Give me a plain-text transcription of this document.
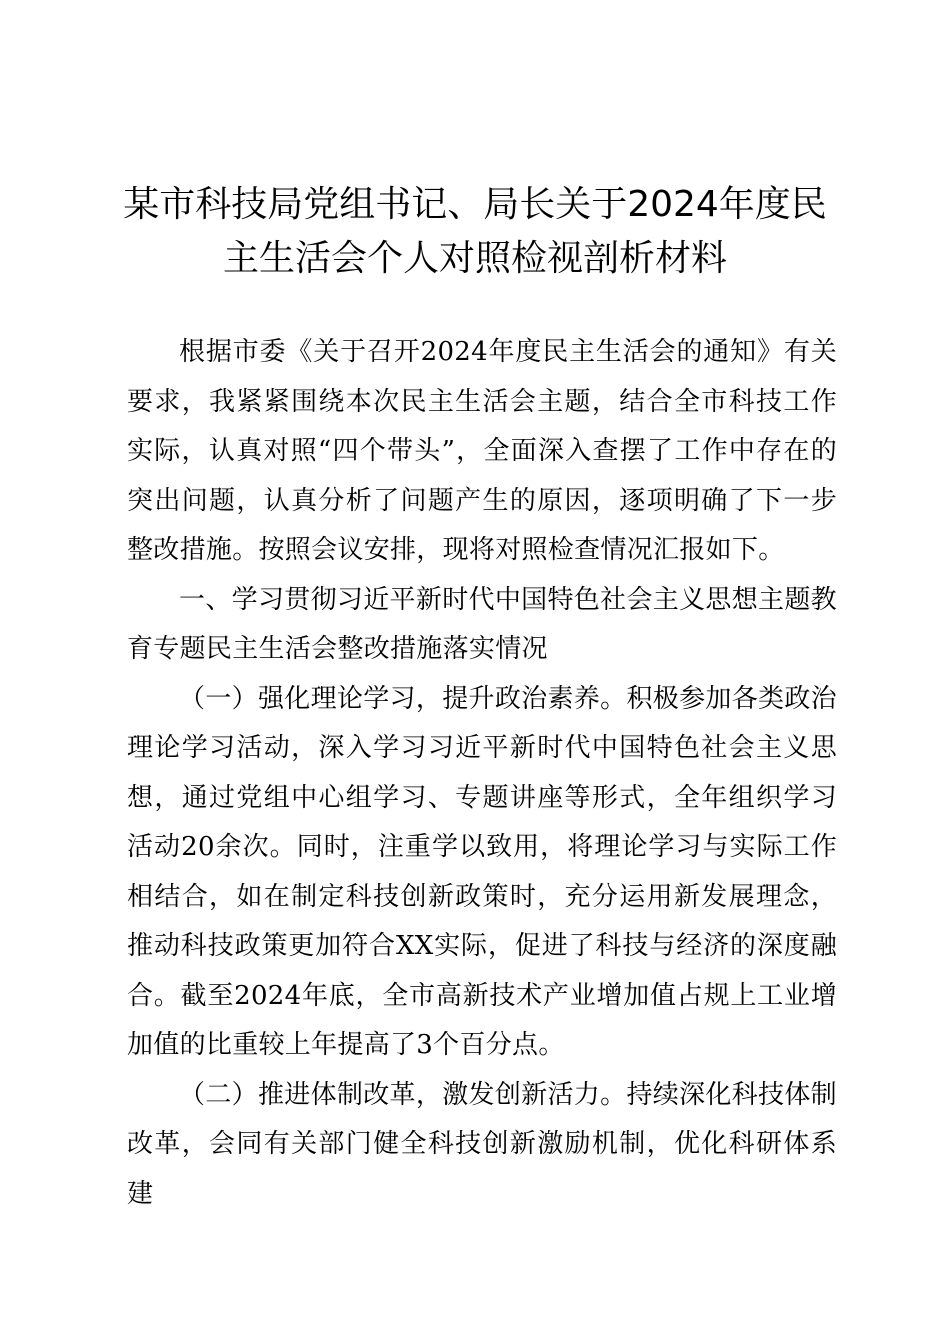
某市科技局党组书记、局长关于2024年度民
主生活会个人对照检视剖析材料

根据市委《关于召开2024年度民主生活会的通知》有关要求，我紧紧围绕本次民主生活会主题，结合全市科技工作实际，认真对照“四个带头”，全面深入查摆了工作中存在的突出问题，认真分析了问题产生的原因，逐项明确了下一步整改措施。按照会议安排，现将对照检查情况汇报如下。

一、学习贯彻习近平新时代中国特色社会主义思想主题教育专题民主生活会整改措施落实情况

（一）强化理论学习，提升政治素养。积极参加各类政治理论学习活动，深入学习习近平新时代中国特色社会主义思想，通过党组中心组学习、专题讲座等形式，全年组织学习活动20余次。同时，注重学以致用，将理论学习与实际工作相结合，如在制定科技创新政策时，充分运用新发展理念，推动科技政策更加符合XX实际，促进了科技与经济的深度融合。截至2024年底，全市高新技术产业增加值占规上工业增加值的比重较上年提高了3个百分点。

（二）推进体制改革，激发创新活力。持续深化科技体制改革，会同有关部门健全科技创新激励机制，优化科研体系建
